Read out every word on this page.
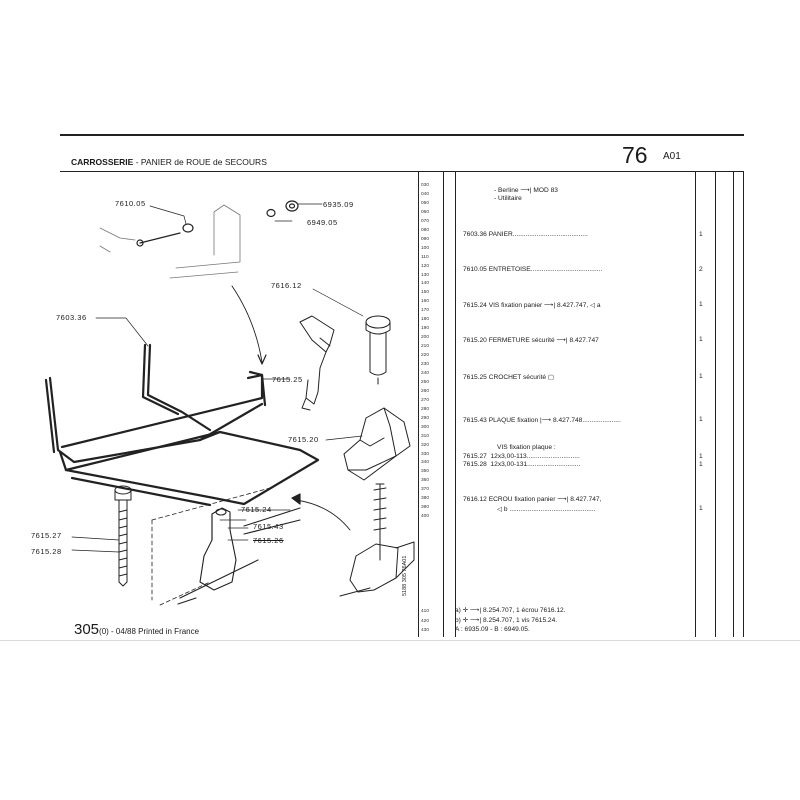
CARROSSERIE - PANIER de ROUE de SECOURS	76 A01
030
040
050
060
070
080
090
100
110
120
130
140
150
160
170
180
190
200
210
220
230
240
250
260
270
280
290
300
310
320
330
340
350
360
370
380
390
400
410
420
430
- Berline ⟶| MOD 83
- Utilitaire
7603.36 PANIER.........................................	1
7610.05 ENTRETOISE.......................................	2
7615.24 VIS fixation panier ⟶| 8.427.747, ◁ a	1
7615.20 FERMETURE sécurité ⟶| 8.427.747	1
7615.25 CROCHET sécurité ▢	1
7615.43 PLAQUE fixation |⟶ 8.427.748.....................	1
VIS fixation plaque :
7615.27 12x3,00-113.............................	1
7615.28 12x3,00-131.............................	1
7616.12 ECROU fixation panier ⟶| 8.427.747,
◁ b ...............................................	1
a) ✛ ⟶| 8.254.707, 1 écrou 7616.12.
b) ✛ ⟶| 8.254.707, 1 vis 7615.24.
A : 6935.09 - B : 6949.05.
5188 305 76A01
305(0) - 04/88 Printed in France
7610.05	6935.09
6949.05
7616.12
7603.36
7615.25
7615.20
7615.24
7615.43
7615.26
7615.27
7615.28
